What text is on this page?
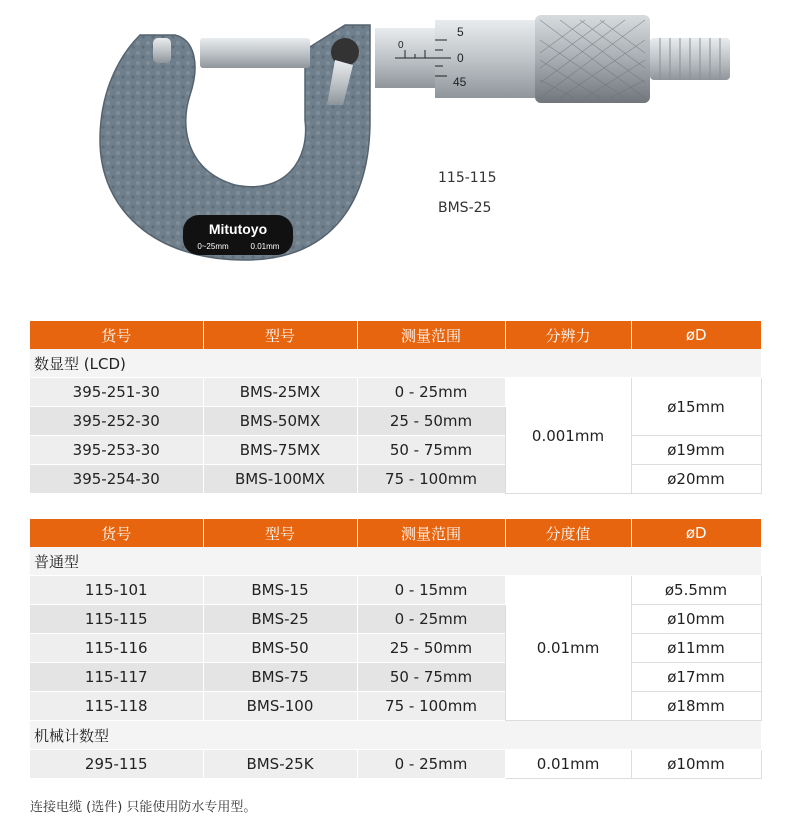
Mitutoyo
0~25mm	0.01mm
0
5
0
45
115-115
BMS-25
货号	型号	测量范围	分辨力	øD
数显型 (LCD)				
395-251-30	BMS-25MX	0 - 25mm	0.001mm	ø15mm
395-252-30	BMS-50MX	25 - 50mm		
395-253-30	BMS-75MX	50 - 75mm		ø19mm
395-254-30	BMS-100MX	75 - 100mm		ø20mm
货号	型号	测量范围	分度值	øD
普通型				
115-101	BMS-15	0 - 15mm	0.01mm	ø5.5mm
115-115	BMS-25	0 - 25mm		ø10mm
115-116	BMS-50	25 - 50mm		ø11mm
115-117	BMS-75	50 - 75mm		ø17mm
115-118	BMS-100	75 - 100mm		ø18mm
机械计数型				
295-115	BMS-25K	0 - 25mm	0.01mm	ø10mm
连接电缆 (选件) 只能使用防水专用型。
